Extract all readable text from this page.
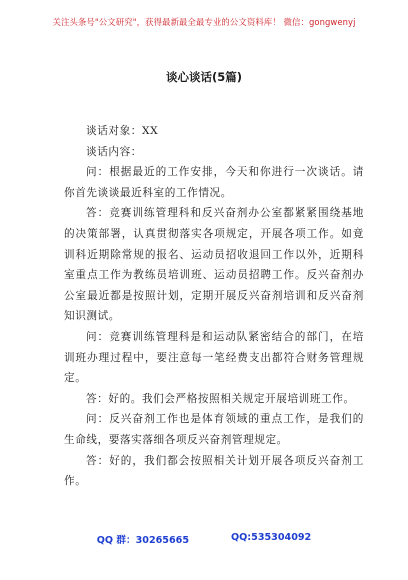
关注头条号"公文研究"，获得最新最全最专业的公文资料库！ 微信：gongwenyj
谈心谈话(5篇)

谈话对象：XX

谈话内容：

问：根据最近的工作安排，今天和你进行一次谈话。请你首先谈谈最近科室的工作情况。

答：竞赛训练管理科和反兴奋剂办公室都紧紧围绕基地的决策部署，认真贯彻落实各项规定，开展各项工作。如竟训科近期除常规的报名、运动员招收退回工作以外，近期科室重点工作为教练员培训班、运动员招聘工作。反兴奋剂办公室最近都是按照计划，定期开展反兴奋剂培训和反兴奋剂知识测试。

问：竞赛训练管理科是和运动队紧密结合的部门，在培训班办理过程中，要注意每一笔经费支出都符合财务管理规定。

答：好的。我们会严格按照相关规定开展培训班工作。

问：反兴奋剂工作也是体育领域的重点工作，是我们的生命线，要落实落细各项反兴奋剂管理规定。

答：好的，我们都会按照相关计划开展各项反兴奋剂工作。

QQ 群：30265665	QQ:535304092
